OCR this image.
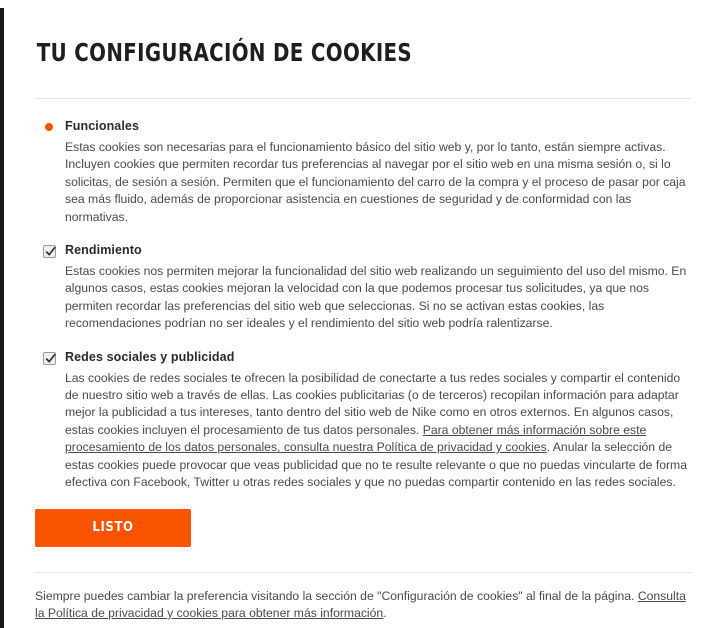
TU CONFIGURACIÓN DE COOKIES

Funcionales

Estas cookies son necesarias para el funcionamiento básico del sitio web y, por lo tanto, están siempre activas. Incluyen cookies que permiten recordar tus preferencias al navegar por el sitio web en una misma sesión o, si lo solicitas, de sesión a sesión. Permiten que el funcionamiento del carro de la compra y el proceso de pasar por caja sea más fluido, además de proporcionar asistencia en cuestiones de seguridad y de conformidad con las normativas.

Rendimiento

Estas cookies nos permiten mejorar la funcionalidad del sitio web realizando un seguimiento del uso del mismo. En algunos casos, estas cookies mejoran la velocidad con la que podemos procesar tus solicitudes, ya que nos permiten recordar las preferencias del sitio web que seleccionas. Si no se activan estas cookies, las recomendaciones podrían no ser ideales y el rendimiento del sitio web podría ralentizarse.

Redes sociales y publicidad

Las cookies de redes sociales te ofrecen la posibilidad de conectarte a tus redes sociales y compartir el contenido de nuestro sitio web a través de ellas. Las cookies publicitarias (o de terceros) recopilan información para adaptar mejor la publicidad a tus intereses, tanto dentro del sitio web de Nike como en otros externos. En algunos casos, estas cookies incluyen el procesamiento de tus datos personales. Para obtener más información sobre este procesamiento de los datos personales, consulta nuestra Política de privacidad y cookies. Anular la selección de estas cookies puede provocar que veas publicidad que no te resulte relevante o que no puedas vincularte de forma efectiva con Facebook, Twitter u otras redes sociales y que no puedas compartir contenido en las redes sociales.

LISTO

Siempre puedes cambiar la preferencia visitando la sección de "Configuración de cookies" al final de la página. Consulta la Política de privacidad y cookies para obtener más información.
